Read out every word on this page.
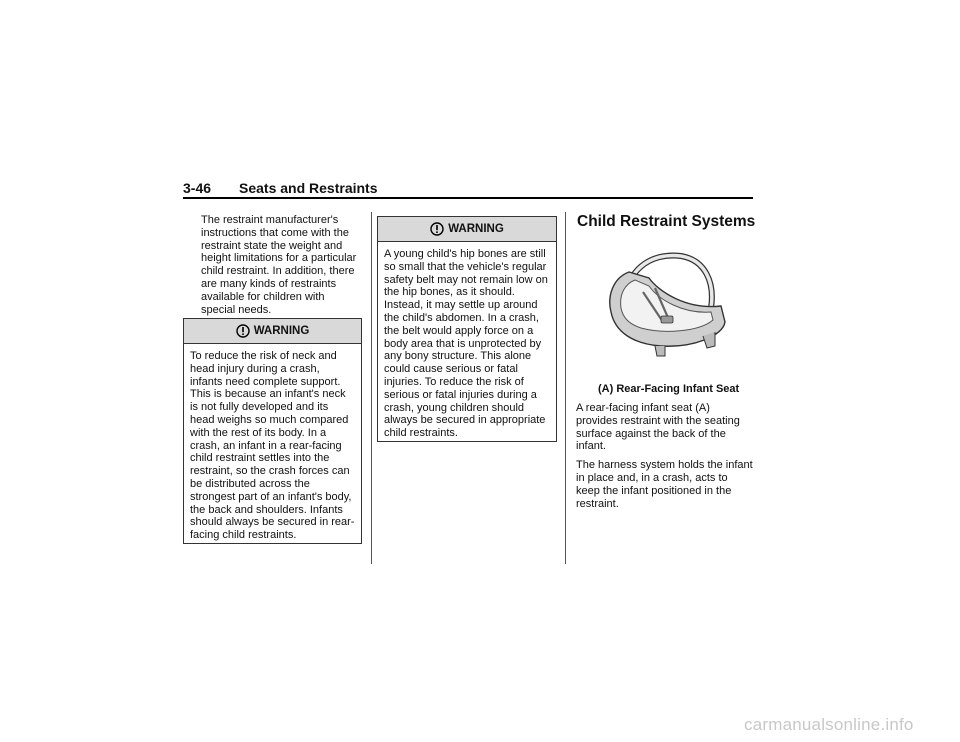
3-46 Seats and Restraints
The restraint manufacturer's instructions that come with the restraint state the weight and height limitations for a particular child restraint. In addition, there are many kinds of restraints available for children with special needs.
WARNING
To reduce the risk of neck and head injury during a crash, infants need complete support. This is because an infant's neck is not fully developed and its head weighs so much compared with the rest of its body. In a crash, an infant in a rear-facing child restraint settles into the restraint, so the crash forces can be distributed across the strongest part of an infant's body, the back and shoulders. Infants should always be secured in rear-facing child restraints.
WARNING
A young child's hip bones are still so small that the vehicle's regular safety belt may not remain low on the hip bones, as it should. Instead, it may settle up around the child's abdomen. In a crash, the belt would apply force on a body area that is unprotected by any bony structure. This alone could cause serious or fatal injuries. To reduce the risk of serious or fatal injuries during a crash, young children should always be secured in appropriate child restraints.
Child Restraint Systems
(A) Rear-Facing Infant Seat

A rear-facing infant seat (A) provides restraint with the seating surface against the back of the infant.

The harness system holds the infant in place and, in a crash, acts to keep the infant positioned in the restraint.

carmanualsonline.info
